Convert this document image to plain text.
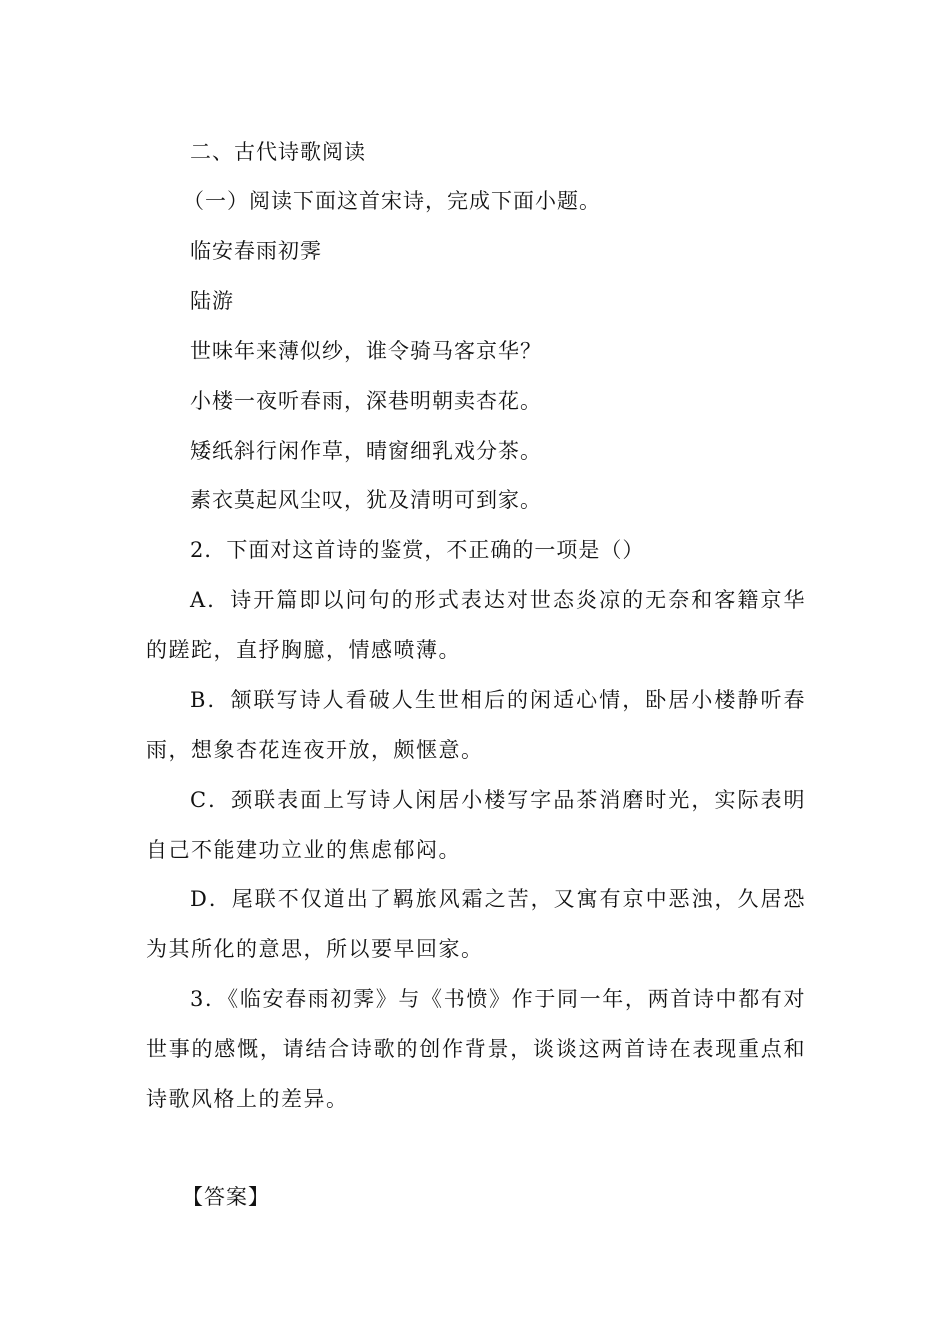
二、古代诗歌阅读
（一）阅读下面这首宋诗，完成下面小题。
临安春雨初霁
陆游
世味年来薄似纱，谁令骑马客京华？
小楼一夜听春雨，深巷明朝卖杏花。
矮纸斜行闲作草，晴窗细乳戏分茶。
素衣莫起风尘叹，犹及清明可到家。
2．下面对这首诗的鉴赏，不正确的一项是（）
A．诗开篇即以问句的形式表达对世态炎凉的无奈和客籍京华的蹉跎，直抒胸臆，情感喷薄。
B．颔联写诗人看破人生世相后的闲适心情，卧居小楼静听春雨，想象杏花连夜开放，颇惬意。
C．颈联表面上写诗人闲居小楼写字品茶消磨时光，实际表明自己不能建功立业的焦虑郁闷。
D．尾联不仅道出了羁旅风霜之苦，又寓有京中恶浊，久居恐为其所化的意思，所以要早回家。
3．《临安春雨初霁》与《书愤》作于同一年，两首诗中都有对世事的感慨，请结合诗歌的创作背景，谈谈这两首诗在表现重点和诗歌风格上的差异。
【答案】
